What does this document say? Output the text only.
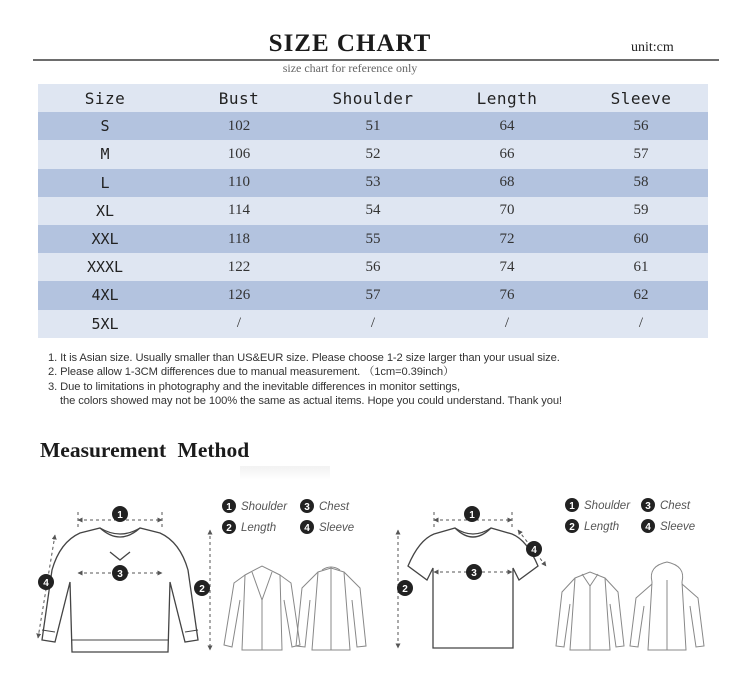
SIZE CHART	unit:cm
size chart for reference only
Size	Bust	Shoulder	Length	Sleeve
S	102	51	64	56
M	106	52	66	57
L	110	53	68	58
XL	114	54	70	59
XXL	118	55	72	60
XXXL	122	56	74	61
4XL	126	57	76	62
5XL	/	/	/	/
1. It is Asian size. Usually smaller than US&EUR size. Please choose 1-2 size larger than your usual size.
2. Please allow 1-3CM differences due to manual measurement. （1cm=0.39inch）
3. Due to limitations in photography and the inevitable differences in monitor settings,
the colors showed may not be 100% the same as actual items. Hope you could understand. Thank you!
Measurement Method
1
3
2
4
1 Shoulder 3 Chest
2 Length	4 Sleeve
1
3
2
4
1 Shoulder 3 Chest
2 Length	4 Sleeve
